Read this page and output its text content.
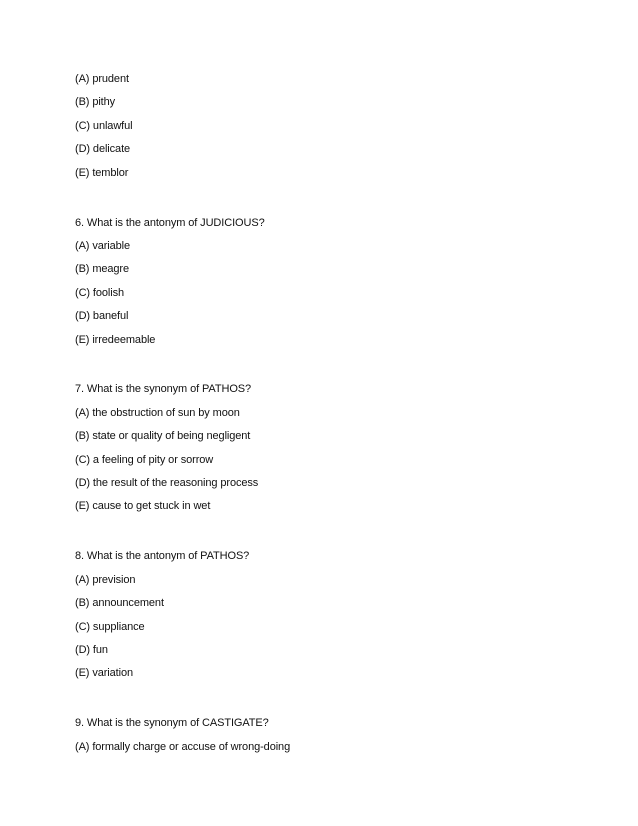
(A) prudent
(B) pithy
(C) unlawful
(D) delicate
(E) temblor
6. What is the antonym of JUDICIOUS?
(A) variable
(B) meagre
(C) foolish
(D) baneful
(E) irredeemable
7. What is the synonym of PATHOS?
(A) the obstruction of sun by moon
(B) state or quality of being negligent
(C) a feeling of pity or sorrow
(D) the result of the reasoning process
(E) cause to get stuck in wet
8. What is the antonym of PATHOS?
(A) prevision
(B) announcement
(C) suppliance
(D) fun
(E) variation
9. What is the synonym of CASTIGATE?
(A) formally charge or accuse of wrong-doing
